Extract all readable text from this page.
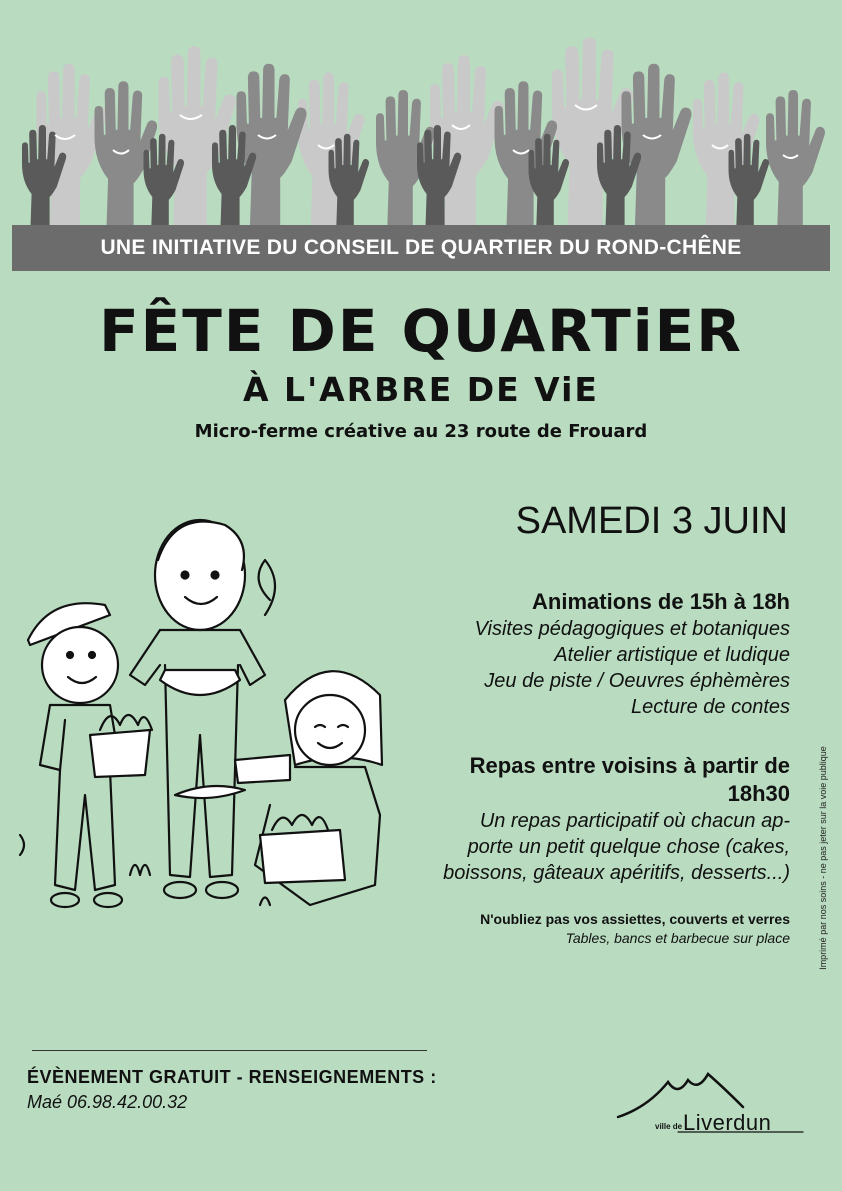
UNE INITIATIVE DU CONSEIL DE QUARTIER DU ROND-CHÊNE
FÊTE DE QUARTiER
À L'ARBRE DE ViE
Micro-ferme créative au 23 route de Frouard
SAMEDI 3 JUIN
Animations de 15h à 18h
Visites pédagogiques et botaniques
Atelier artistique et ludique
Jeu de piste / Oeuvres éphèmères
Lecture de contes
Repas entre voisins à partir de
18h30
Un repas participatif où chacun ap-
porte un petit quelque chose (cakes,
boissons, gâteaux apéritifs, desserts...)
N'oubliez pas vos assiettes, couverts et verres
Tables, bancs et barbecue sur place	Imprimé par nos soins - ne pas jeter sur la voie publique
ÉVÈNEMENT GRATUIT - RENSEIGNEMENTS :
Maé 06.98.42.00.32
ville de Liverdun
